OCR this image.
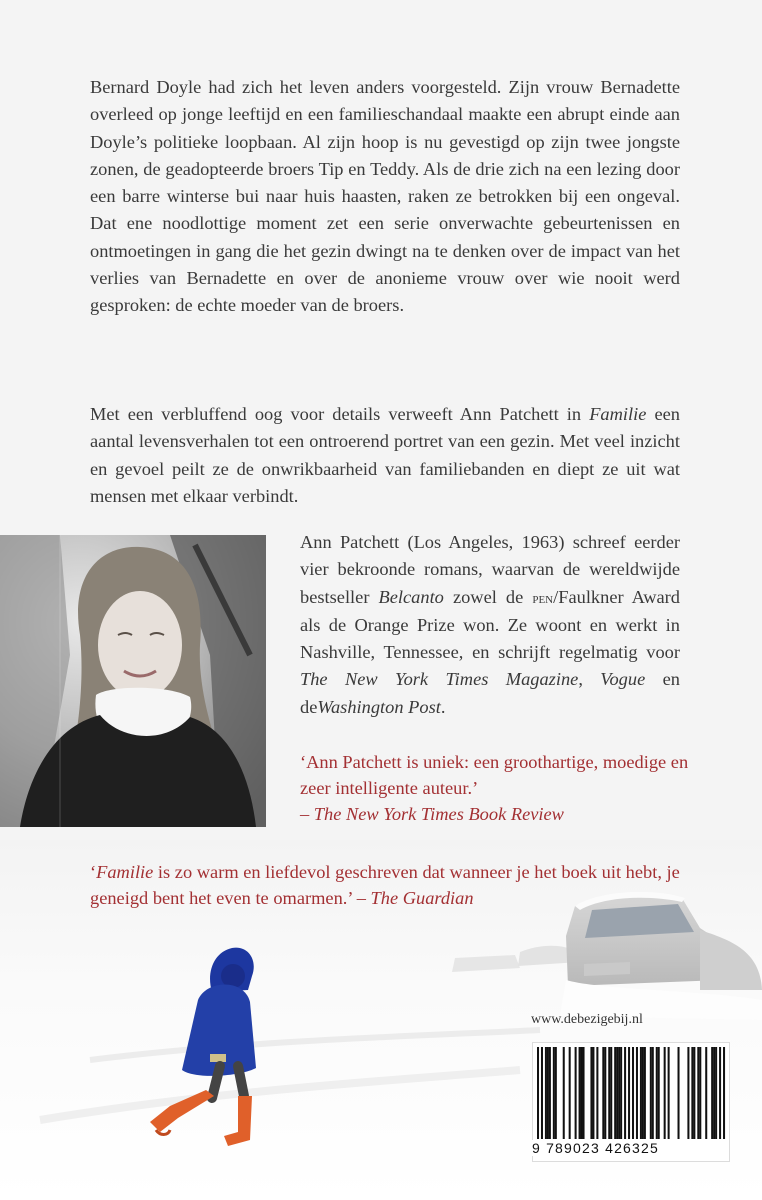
Bernard Doyle had zich het leven anders voorgesteld. Zijn vrouw Bernadette overleed op jonge leeftijd en een familieschandaal maakte een abrupt einde aan Doyle’s politieke loopbaan. Al zijn hoop is nu gevestigd op zijn twee jongste zonen, de geadopteerde broers Tip en Teddy. Als de drie zich na een lezing door een barre winterse bui naar huis haasten, raken ze betrokken bij een ongeval. Dat ene noodlottige moment zet een serie onverwachte gebeurtenissen en ontmoetingen in gang die het gezin dwingt na te denken over de impact van het verlies van Bernadette en over de anonieme vrouw over wie nooit werd gesproken: de echte moeder van de broers.

Met een verbluffend oog voor details verweeft Ann Patchett in Familie een aantal levensverhalen tot een ontroerend portret van een gezin. Met veel inzicht en gevoel peilt ze de onwrikbaarheid van familiebanden en diept ze uit wat mensen met elkaar verbindt.

Ann Patchett (Los Angeles, 1963) schreef eerder vier bekroonde romans, waarvan de wereldwijde bestseller Belcanto zowel de pen/Faulkner Award als de Orange Prize won. Ze woont en werkt in Nashville, Tennessee, en schrijft regelmatig voor The New York Times Magazine, Vogue en deWashington Post.

‘Ann Patchett is uniek: een groothartige, moedige en zeer intelligente auteur.’
– The New York Times Book Review

‘Familie is zo warm en liefdevol geschreven dat wanneer je het boek uit hebt, je geneigd bent het even te omarmen.’ – The Guardian

www.debezigebij.nl
9 789023 426325
